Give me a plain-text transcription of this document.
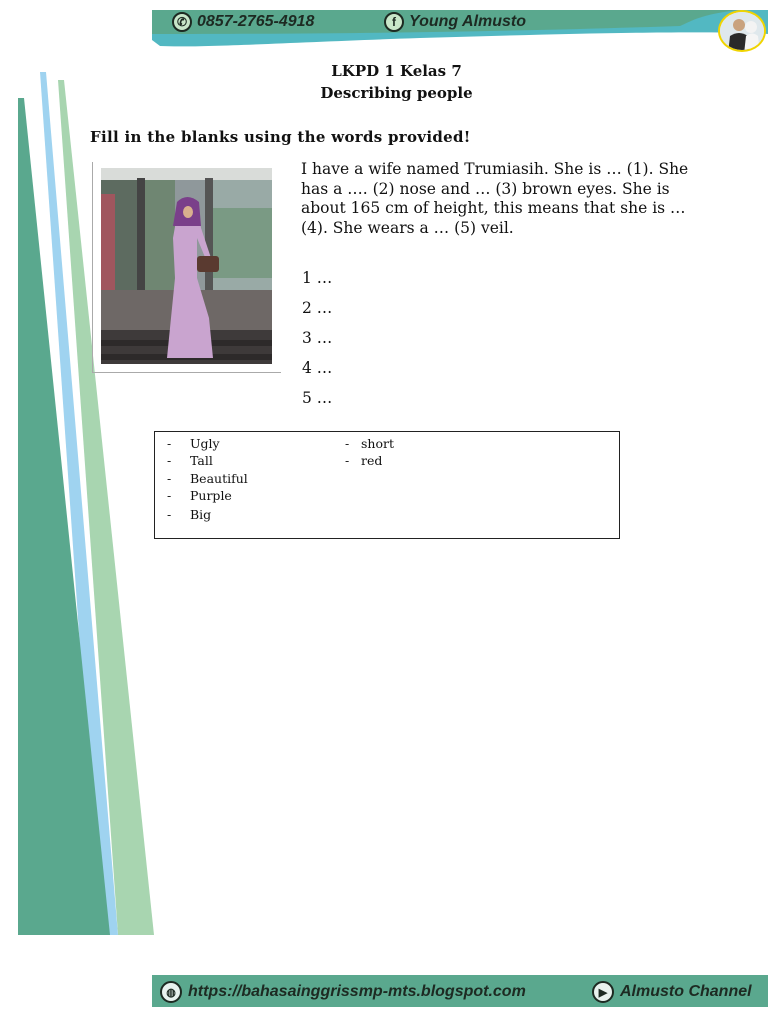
✆ 0857-2765-4918	f Young Almusto
LKPD 1 Kelas 7
Describing people
Fill in the blanks using the words provided!
I have a wife named Trumiasih. She is … (1). She has a …. (2) nose and … (3) brown eyes. She is about 165 cm of height, this means that she is … (4). She wears a … (5) veil.
1 …
2 …
3 …
4 …
5 …
- Ugly
- Tall
- Beautiful
- Purple
- Big
- short
- red
◍ https://bahasainggrissmp-mts.blogspot.com	▶ Almusto Channel
